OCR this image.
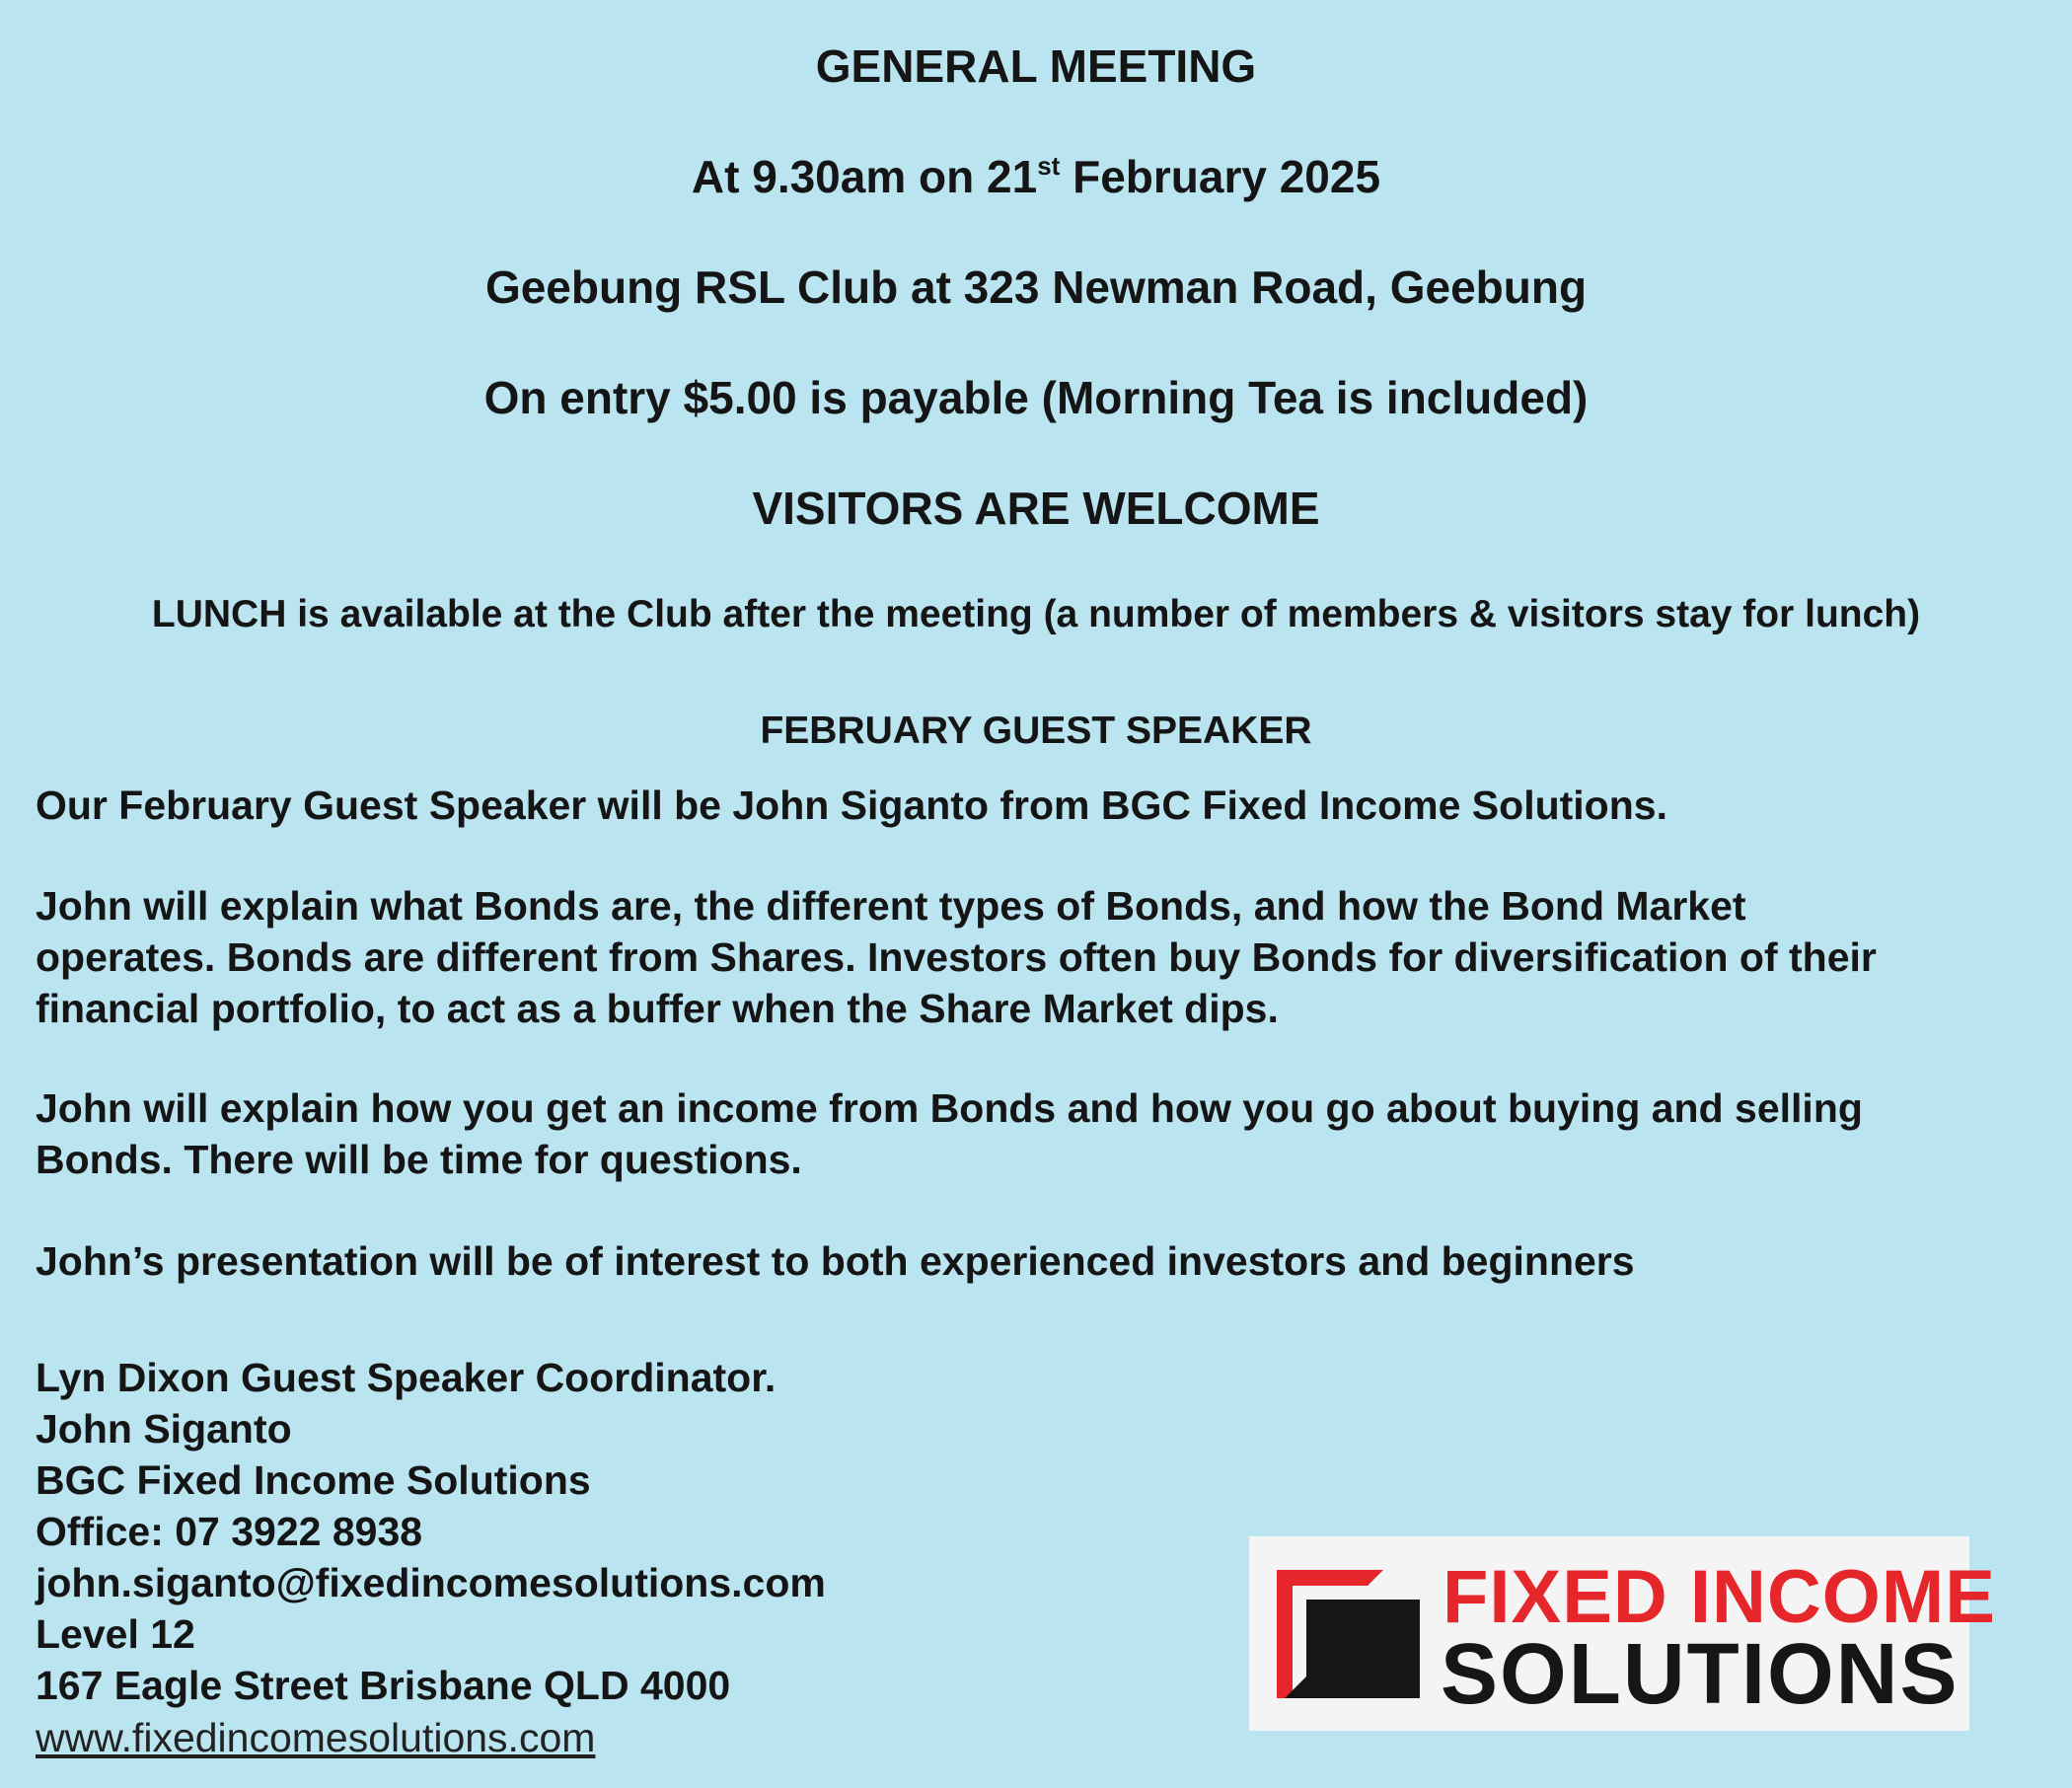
GENERAL MEETING
At 9.30am on 21st February 2025
Geebung RSL Club at 323 Newman Road, Geebung
On entry $5.00 is payable (Morning Tea is included)
VISITORS ARE WELCOME
LUNCH is available at the Club after the meeting (a number of members & visitors stay for lunch)
FEBRUARY GUEST SPEAKER
Our February Guest Speaker will be John Siganto from BGC Fixed Income Solutions.
John will explain what Bonds are, the different types of Bonds, and how the Bond Market
operates. Bonds are different from Shares. Investors often buy Bonds for diversification of their
financial portfolio, to act as a buffer when the Share Market dips.
John will explain how you get an income from Bonds and how you go about buying and selling
Bonds. There will be time for questions.
John’s presentation will be of interest to both experienced investors and beginners
Lyn Dixon Guest Speaker Coordinator.
John Siganto
BGC Fixed Income Solutions
Office: 07 3922 8938
john.siganto@fixedincomesolutions.com
Level 12
167 Eagle Street Brisbane QLD 4000
www.fixedincomesolutions.com
FIXED INCOME
SOLUTIONS
